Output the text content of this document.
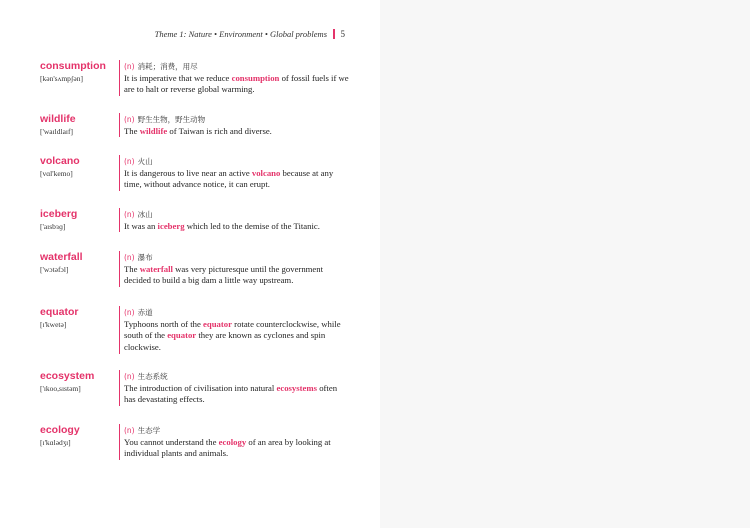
Theme 1: Nature • Environment • Global problems 5
consumption
[kən'sʌmpʃən]
(n) 消耗；消费，用尽
It is imperative that we reduce consumption of fossil fuels if we are to halt or reverse global warming.
wildlife
['waɪldlaɪf]
(n) 野生生物，野生动物
The wildlife of Taiwan is rich and diverse.
volcano
[vɑl'kemo]
(n) 火山
It is dangerous to live near an active volcano because at any time, without advance notice, it can erupt.
iceberg
['aɪsbɜɡ]
(n) 冰山
It was an iceberg which led to the demise of the Titanic.
waterfall
['wɔtəfɔl]
(n) 瀑布
The waterfall was very picturesque until the government decided to build a big dam a little way upstream.
equator
[ɪ'kwetə]
(n) 赤道
Typhoons north of the equator rotate counterclockwise, while south of the equator they are known as cyclones and spin clockwise.
ecosystem
['ɪkoo,sɪstəm]
(n) 生态系统
The introduction of civilisation into natural ecosystems often has devastating effects.
ecology
[ɪ'kɑlədʒɪ]
(n) 生态学
You cannot understand the ecology of an area by looking at individual plants and animals.
